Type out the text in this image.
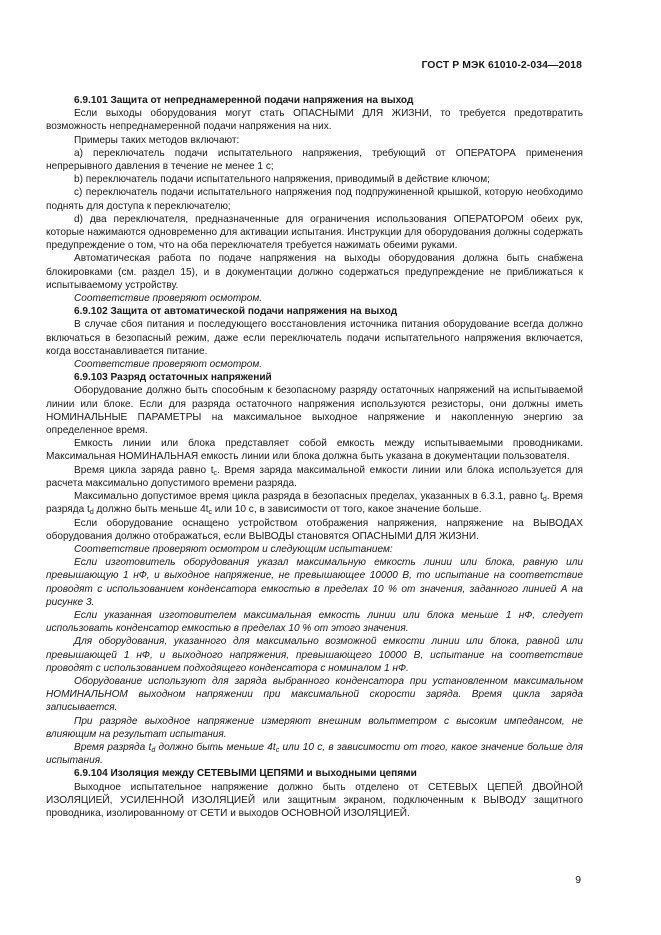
ГОСТ Р МЭК 61010-2-034—2018

6.9.101 Защита от непреднамеренной подачи напряжения на выход

Если выходы оборудования могут стать ОПАСНЫМИ ДЛЯ ЖИЗНИ, то требуется предотвратить возможность непреднамеренной подачи напряжения на них.

Примеры таких методов включают:

a) переключатель подачи испытательного напряжения, требующий от ОПЕРАТОРА применения непрерывного давления в течение не менее 1 с;

b) переключатель подачи испытательного напряжения, приводимый в действие ключом;

c) переключатель подачи испытательного напряжения под подпружиненной крышкой, которую необходимо поднять для доступа к переключателю;

d) два переключателя, предназначенные для ограничения использования ОПЕРАТОРОМ обеих рук, которые нажимаются одновременно для активации испытания. Инструкции для оборудования должны содержать предупреждение о том, что на оба переключателя требуется нажимать обеими руками.

Автоматическая работа по подаче напряжения на выходы оборудования должна быть снабжена блокировками (см. раздел 15), и в документации должно содержаться предупреждение не приближаться к испытываемому устройству.

Соответствие проверяют осмотром.

6.9.102 Защита от автоматической подачи напряжения на выход

В случае сбоя питания и последующего восстановления источника питания оборудование всегда должно включаться в безопасный режим, даже если переключатель подачи испытательного напряжения включается, когда восстанавливается питание.

Соответствие проверяют осмотром.

6.9.103 Разряд остаточных напряжений

Оборудование должно быть способным к безопасному разряду остаточных напряжений на испытываемой линии или блоке. Если для разряда остаточного напряжения используются резисторы, они должны иметь НОМИНАЛЬНЫЕ ПАРАМЕТРЫ на максимальное выходное напряжение и накопленную энергию за определенное время.

Емкость линии или блока представляет собой емкость между испытываемыми проводниками. Максимальная НОМИНАЛЬНАЯ емкость линии или блока должна быть указана в документации пользователя.

Время цикла заряда равно $t_c$. Время заряда максимальной емкости линии или блока используется для расчета максимально допустимого времени разряда.

Максимально допустимое время цикла разряда в безопасных пределах, указанных в 6.3.1, равно $t_d$. Время разряда $t_d$ должно быть меньше $4t_c$ или 10 с, в зависимости от того, какое значение больше.

Если оборудование оснащено устройством отображения напряжения, напряжение на ВЫВОДАХ оборудования должно отображаться, если ВЫВОДЫ становятся ОПАСНЫМИ ДЛЯ ЖИЗНИ.

Соответствие проверяют осмотром и следующим испытанием:

Если изготовитель оборудования указал максимальную емкость линии или блока, равную или превышающую 1 нФ, и выходное напряжение, не превышающее 10000 В, то испытание на соответствие проводят с использованием конденсатора емкостью в пределах 10 % от значения, заданного линией А на рисунке 3.

Если указанная изготовителем максимальная емкость линии или блока меньше 1 нФ, следует использовать конденсатор емкостью в пределах 10 % от этого значения.

Для оборудования, указанного для максимально возможной емкости линии или блока, равной или превышающей 1 нФ, и выходного напряжения, превышающего 10000 В, испытание на соответствие проводят с использованием подходящего конденсатора с номиналом 1 нФ.

Оборудование используют для заряда выбранного конденсатора при установленном максимальном НОМИНАЛЬНОМ выходном напряжении при максимальной скорости заряда. Время цикла заряда записывается.

При разряде выходное напряжение измеряют внешним вольтметром с высоким импедансом, не влияющим на результат испытания.

Время разряда $t_d$ должно быть меньше $4t_c$ или 10 с, в зависимости от того, какое значение больше для испытания.

6.9.104 Изоляция между СЕТЕВЫМИ ЦЕПЯМИ и выходными цепями

Выходное испытательное напряжение должно быть отделено от СЕТЕВЫХ ЦЕПЕЙ ДВОЙНОЙ ИЗОЛЯЦИЕЙ, УСИЛЕННОЙ ИЗОЛЯЦИЕЙ или защитным экраном, подключенным к ВЫВОДУ защитного проводника, изолированному от СЕТИ и выходов ОСНОВНОЙ ИЗОЛЯЦИЕЙ.

9
